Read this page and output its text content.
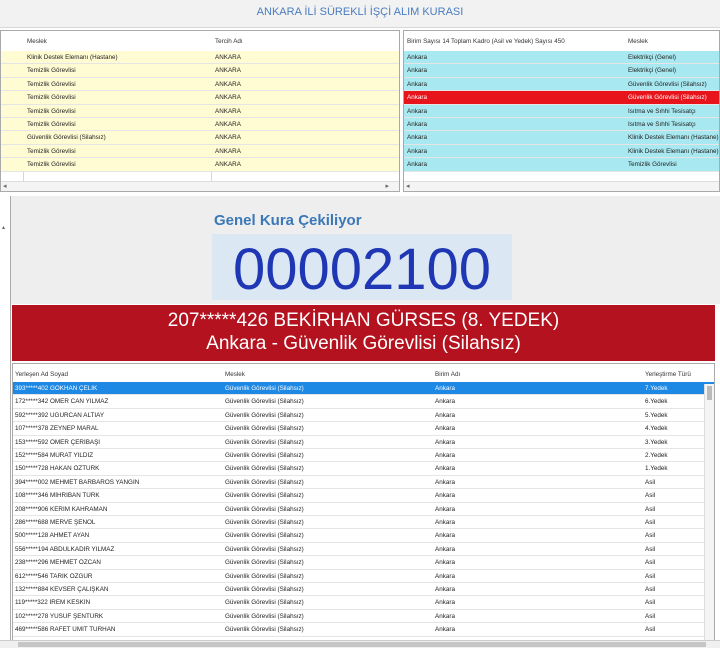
ANKARA İLİ SÜREKLİ İŞÇİ ALIM KURASI
Meslek	Tercih Adı
Klinik Destek Elemanı (Hastane)	ANKARA
Temizlik Görevlisi	ANKARA
Temizlik Görevlisi	ANKARA
Temizlik Görevlisi	ANKARA
Temizlik Görevlisi	ANKARA
Temizlik Görevlisi	ANKARA
Güvenlik Görevlisi (Silahsız)	ANKARA
Temizlik Görevlisi	ANKARA
Temizlik Görevlisi	ANKARA
◂	▸
Birim Sayısı 14 Toplam Kadro (Asil ve Yedek) Sayısı 450	Meslek
Ankara	Elektrikçi (Genel)
Ankara	Elektrikçi (Genel)
Ankara	Güvenlik Görevlisi (Silahsız)
Ankara	Güvenlik Görevlisi (Silahsız)
Ankara	Isıtma ve Sıhhi Tesisatçı
Ankara	Isıtma ve Sıhhi Tesisatçı
Ankara	Klinik Destek Elemanı (Hastane)
Ankara	Klinik Destek Elemanı (Hastane)
Ankara	Temizlik Görevlisi
◂
▴	Genel Kura Çekiliyor
00002100
207*****426 BEKİRHAN GÜRSES (8. YEDEK)
Ankara - Güvenlik Görevlisi (Silahsız)
Yerleşen Ad Soyad	Meslek	Birim Adı	Yerleştirme Türü
393*****402 GÖKHAN ÇELİK	Güvenlik Görevlisi (Silahsız)	Ankara	7.Yedek
172*****342 ÖMER CAN YILMAZ	Güvenlik Görevlisi (Silahsız)	Ankara	6.Yedek
592*****392 UĞURCAN ALTIAY	Güvenlik Görevlisi (Silahsız)	Ankara	5.Yedek
107*****378 ZEYNEP MARAL	Güvenlik Görevlisi (Silahsız)	Ankara	4.Yedek
153*****592 ÖMER ÇERİBAŞI	Güvenlik Görevlisi (Silahsız)	Ankara	3.Yedek
152*****584 MURAT YILDIZ	Güvenlik Görevlisi (Silahsız)	Ankara	2.Yedek
150*****728 HAKAN ÖZTÜRK	Güvenlik Görevlisi (Silahsız)	Ankara	1.Yedek
394*****002 MEHMET BARBAROS YANGIN	Güvenlik Görevlisi (Silahsız)	Ankara	Asil
108*****346 MİHRİBAN TÜRK	Güvenlik Görevlisi (Silahsız)	Ankara	Asil
208*****906 KERİM KAHRAMAN	Güvenlik Görevlisi (Silahsız)	Ankara	Asil
286*****688 MERVE ŞENOL	Güvenlik Görevlisi (Silahsız)	Ankara	Asil
500*****128 AHMET AYAN	Güvenlik Görevlisi (Silahsız)	Ankara	Asil
556*****194 ABDULKADİR YILMAZ	Güvenlik Görevlisi (Silahsız)	Ankara	Asil
238*****296 MEHMET ÖZCAN	Güvenlik Görevlisi (Silahsız)	Ankara	Asil
612*****546 TARIK ÖZGÜR	Güvenlik Görevlisi (Silahsız)	Ankara	Asil
132*****884 KEVSER ÇALIŞKAN	Güvenlik Görevlisi (Silahsız)	Ankara	Asil
119*****322 İREM KESKİN	Güvenlik Görevlisi (Silahsız)	Ankara	Asil
102*****278 YUSUF ŞENTÜRK	Güvenlik Görevlisi (Silahsız)	Ankara	Asil
469*****586 RAFET ÜMİT TURHAN	Güvenlik Görevlisi (Silahsız)	Ankara	Asil
